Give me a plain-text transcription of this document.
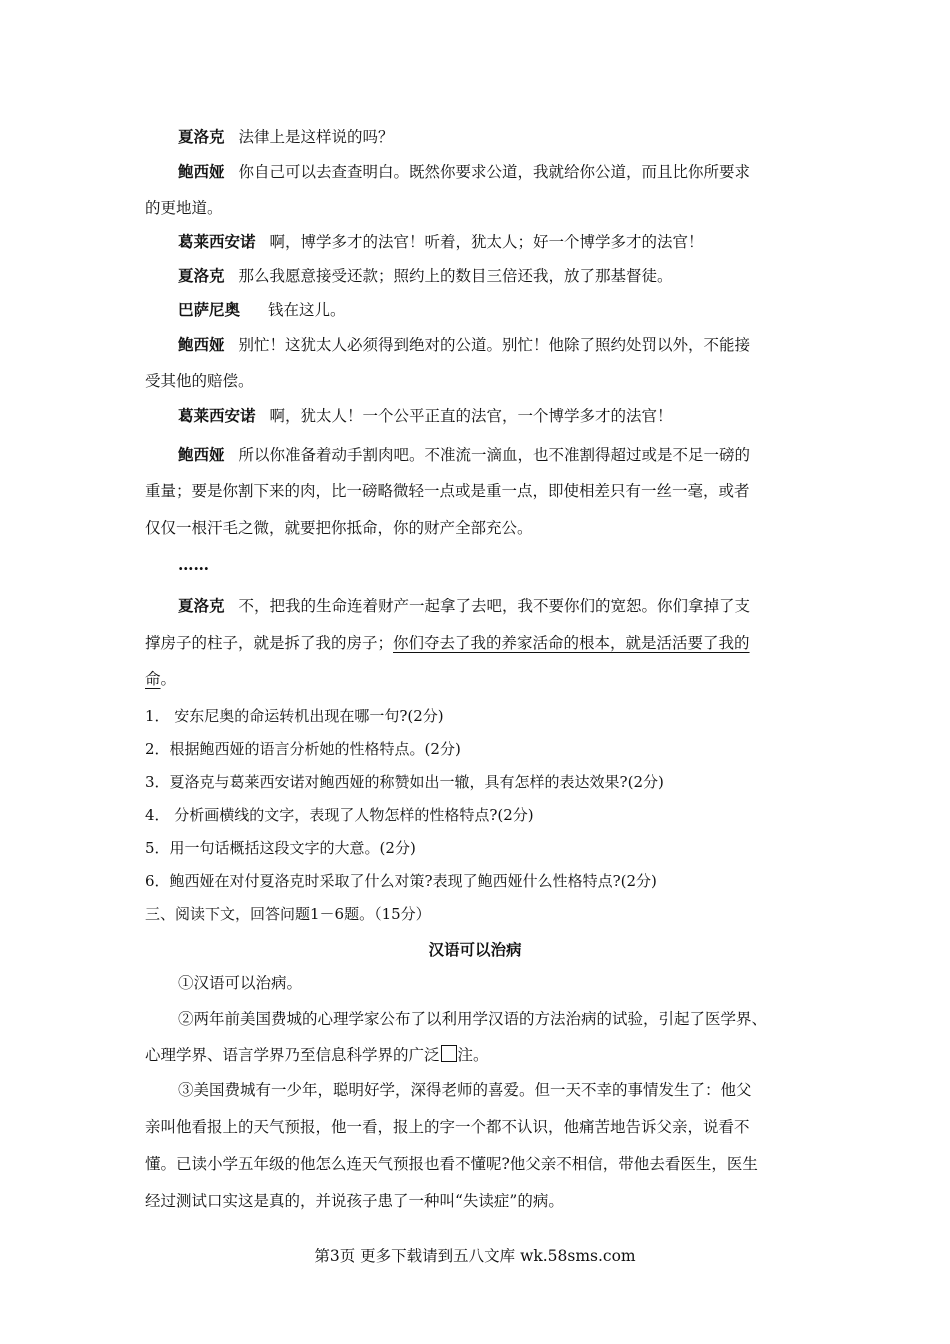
夏洛克 法律上是这样说的吗？
鲍西娅 你自己可以去查查明白。既然你要求公道，我就给你公道，而且比你所要求
的更地道。
葛莱西安诺 啊，博学多才的法官！听着，犹太人；好一个博学多才的法官！
夏洛克 那么我愿意接受还款；照约上的数目三倍还我，放了那基督徒。
巴萨尼奥 钱在这儿。
鲍西娅 别忙！这犹太人必须得到绝对的公道。别忙！他除了照约处罚以外，不能接
受其他的赔偿。
葛莱西安诺 啊，犹太人！一个公平正直的法官，一个博学多才的法官！
鲍西娅 所以你准备着动手割肉吧。不准流一滴血，也不准割得超过或是不足一磅的
重量；要是你割下来的肉，比一磅略微轻一点或是重一点，即使相差只有一丝一毫，或者
仅仅一根汗毛之微，就要把你抵命，你的财产全部充公。
……
夏洛克 不，把我的生命连着财产一起拿了去吧，我不要你们的宽恕。你们拿掉了支
撑房子的柱子，就是拆了我的房子；你们夺去了我的养家活命的根本，就是活活要了我的
命。
1． 安东尼奥的命运转机出现在哪一句?(2分)
2．根据鲍西娅的语言分析她的性格特点。(2分)
3．夏洛克与葛莱西安诺对鲍西娅的称赞如出一辙，具有怎样的表达效果?(2分)
4． 分析画横线的文字，表现了人物怎样的性格特点?(2分)
5．用一句话概括这段文字的大意。(2分)
6．鲍西娅在对付夏洛克时采取了什么对策?表现了鲍西娅什么性格特点?(2分)
三、阅读下文，回答问题1－6题。（15分）
汉语可以治病
①汉语可以治病。
②两年前美国费城的心理学家公布了以利用学汉语的方法治病的试验，引起了医学界、
心理学界、语言学界乃至信息科学界的广泛 注。
③美国费城有一少年，聪明好学，深得老师的喜爱。但一天不幸的事情发生了：他父
亲叫他看报上的天气预报，他一看，报上的字一个都不认识，他痛苦地告诉父亲，说看不
懂。已读小学五年级的他怎么连天气预报也看不懂呢?他父亲不相信，带他去看医生，医生
经过测试口实这是真的，并说孩子患了一种叫“失读症”的病。
第3页 更多下载请到五八文库 wk.58sms.com
